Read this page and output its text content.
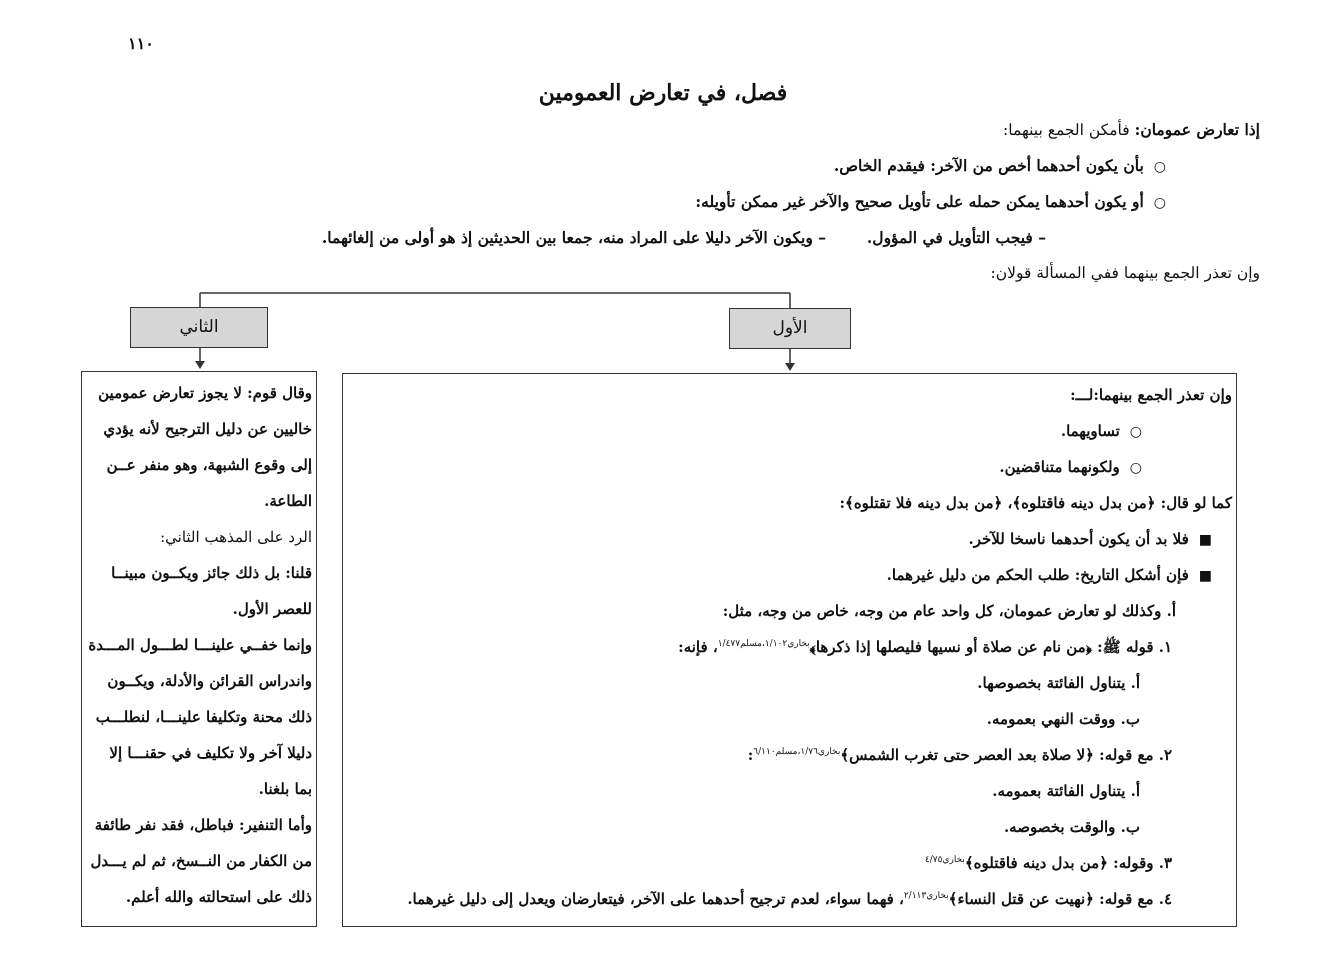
١١٠
فصل، في تعارض العمومين
إذا تعارض عمومان: فأمكن الجمع بينهما:
○بأن يكون أحدهما أخص من الآخر: فيقدم الخاص.
○أو يكون أحدهما يمكن حمله على تأويل صحيح والآخر غير ممكن تأويله:
– فيجب التأويل في المؤول.
– ويكون الآخر دليلا على المراد منه، جمعا بين الحديثين إذ هو أولى من إلغائهما.
وإن تعذر الجمع بينهما ففي المسألة قولان:
الثاني	الأول
وقال قوم: لا يجوز تعارض عمومين
خاليين عن دليل الترجيح لأنه يؤدي
إلى وقوع الشبهة، وهو منفر عــن
الطاعة.
الرد على المذهب الثاني:
قلنا: بل ذلك جائز ويكــون مبينــا
للعصر الأول.
وإنما خفــي علينـــا لطـــول المـــدة
واندراس القرائن والأدلة، ويكــون
ذلك محنة وتكليفا علينـــا، لنطلـــب
دليلا آخر ولا تكليف في حقنـــا إلا
بما بلغنا.
وأما التنفير: فباطل، فقد نفر طائفة
من الكفار من النــسخ، ثم لم يـــدل
ذلك على استحالته والله أعلم.
وإن تعذر الجمع بينهما:لـــ:
○تساويهما.
○ولكونهما متناقضين.
كما لو قال: ﴿من بدل دينه فاقتلوه﴾، ﴿من بدل دينه فلا تقتلوه﴾:
■فلا بد أن يكون أحدهما ناسخا للآخر.
■فإن أشكل التاريخ: طلب الحكم من دليل غيرهما.
أ. وكذلك لو تعارض عمومان، كل واحد عام من وجه، خاص من وجه، مثل:
١. قوله ﷺ: ﴿من نام عن صلاة أو نسيها فليصلها إذا ذكرها﴾$^{بخاري١/١٠٢،مسلم١/٤٧٧}$، فإنه:
أ. يتناول الفائتة بخصوصها.
ب. ووقت النهي بعمومه.
٢. مع قوله: ﴿لا صلاة بعد العصر حتى تغرب الشمس﴾$^{بخاري١/٧٦،مسلم٦/١١٠}$:
أ. يتناول الفائتة بعمومه.
ب. والوقت بخصوصه.
٣. وقوله: ﴿من بدل دينه فاقتلوه﴾$^{بخاري٤/٧٥}$
٤. مع قوله: ﴿نهيت عن قتل النساء﴾$^{بخاري٢/١١٣}$، فهما سواء، لعدم ترجيح أحدهما على الآخر، فيتعارضان ويعدل إلى دليل غيرهما.
